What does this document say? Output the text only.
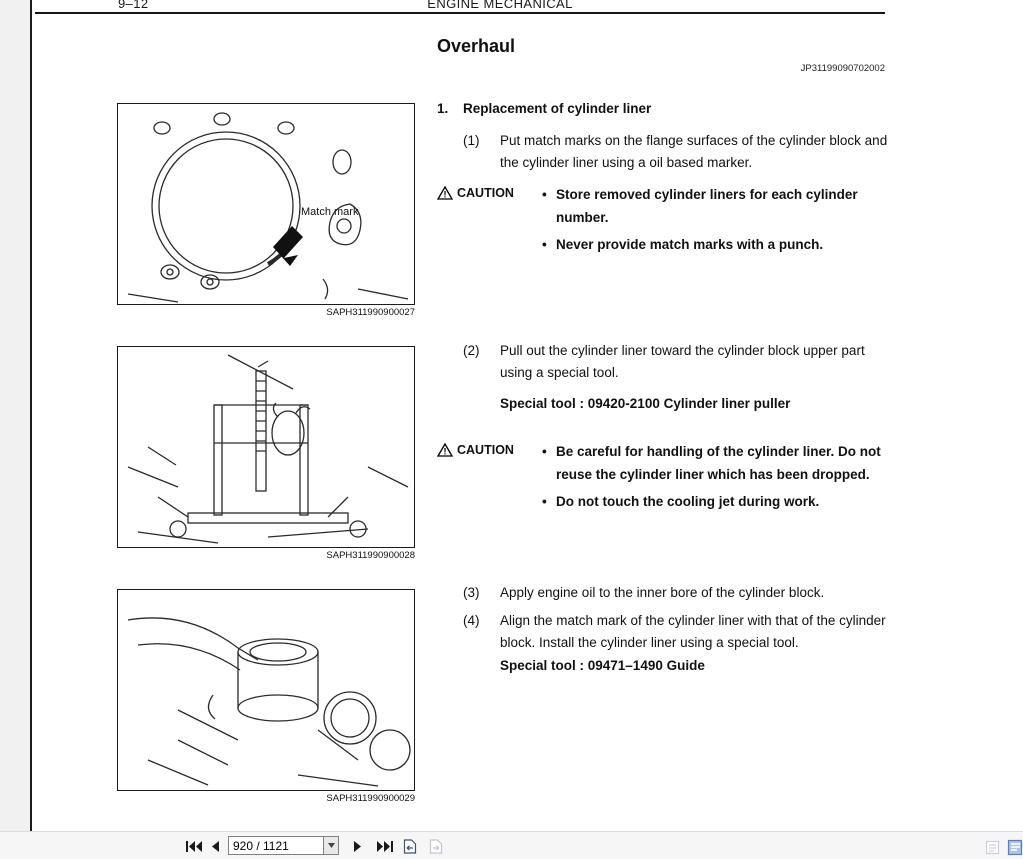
9–12	ENGINE MECHANICAL
Overhaul
JP31199090702002
Match mark
SAPH311990900027
SAPH311990900028
SAPH311990900029
1. Replacement of cylinder liner
(1) Put match marks on the flange surfaces of the cylinder block and the cylinder liner using a oil based marker.
! CAUTION	• Store removed cylinder liners for each cylinder number.
• Never provide match marks with a punch.
(2) Pull out the cylinder liner toward the cylinder block upper part using a special tool.
Special tool : 09420-2100 Cylinder liner puller
! CAUTION	• Be careful for handling of the cylinder liner. Do not reuse the cylinder liner which has been dropped.
• Do not touch the cooling jet during work.
(3) Apply engine oil to the inner bore of the cylinder block.
(4) Align the match mark of the cylinder liner with that of the cylinder block. Install the cylinder liner using a special tool.
Special tool : 09471–1490 Guide
920 / 1121
